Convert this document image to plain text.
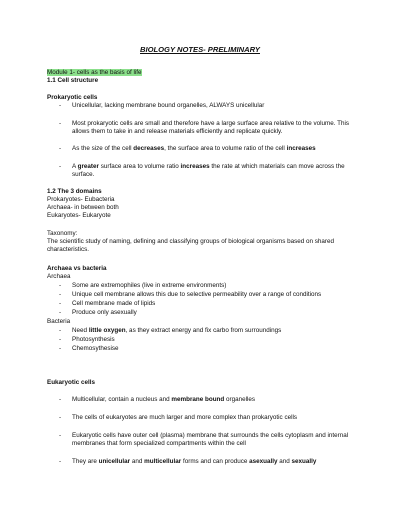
BIOLOGY NOTES- PRELIMINARY
Module 1- cells as the basis of life
1.1 Cell structure
Prokaryotic cells
- Unicellular, lacking membrane bound organelles, ALWAYS unicellular
- Most prokaryotic cells are small and therefore have a large surface area relative to the volume. This allows them to take in and release materials efficiently and replicate quickly.
- As the size of the cell decreases, the surface area to volume ratio of the cell increases
- A greater surface area to volume ratio increases the rate at which materials can move across the surface.
1.2 The 3 domains
Prokaryotes- Eubacteria
Archaea- in between both
Eukaryotes- Eukaryote
Taxonomy:
The scientific study of naming, defining and classifying groups of biological organisms based on shared characteristics.
Archaea vs bacteria
Archaea
- Some are extremophiles (live in extreme environments)
- Unique cell membrane allows this due to selective permeability over a range of conditions
- Cell membrane made of lipids
- Produce only asexually
Bacteria
- Need little oxygen, as they extract energy and fix carbo from surroundings
- Photosynthesis
- Chemosythesise
Eukaryotic cells
- Multicellular, contain a nucleus and membrane bound organelles
- The cells of eukaryotes are much larger and more complex than prokaryotic cells
- Eukaryotic cells have outer cell (plasma) membrane that surrounds the cells cytoplasm and internal membranes that form specialized compartments within the cell
- They are unicellular and multicellular forms and can produce asexually and sexually
